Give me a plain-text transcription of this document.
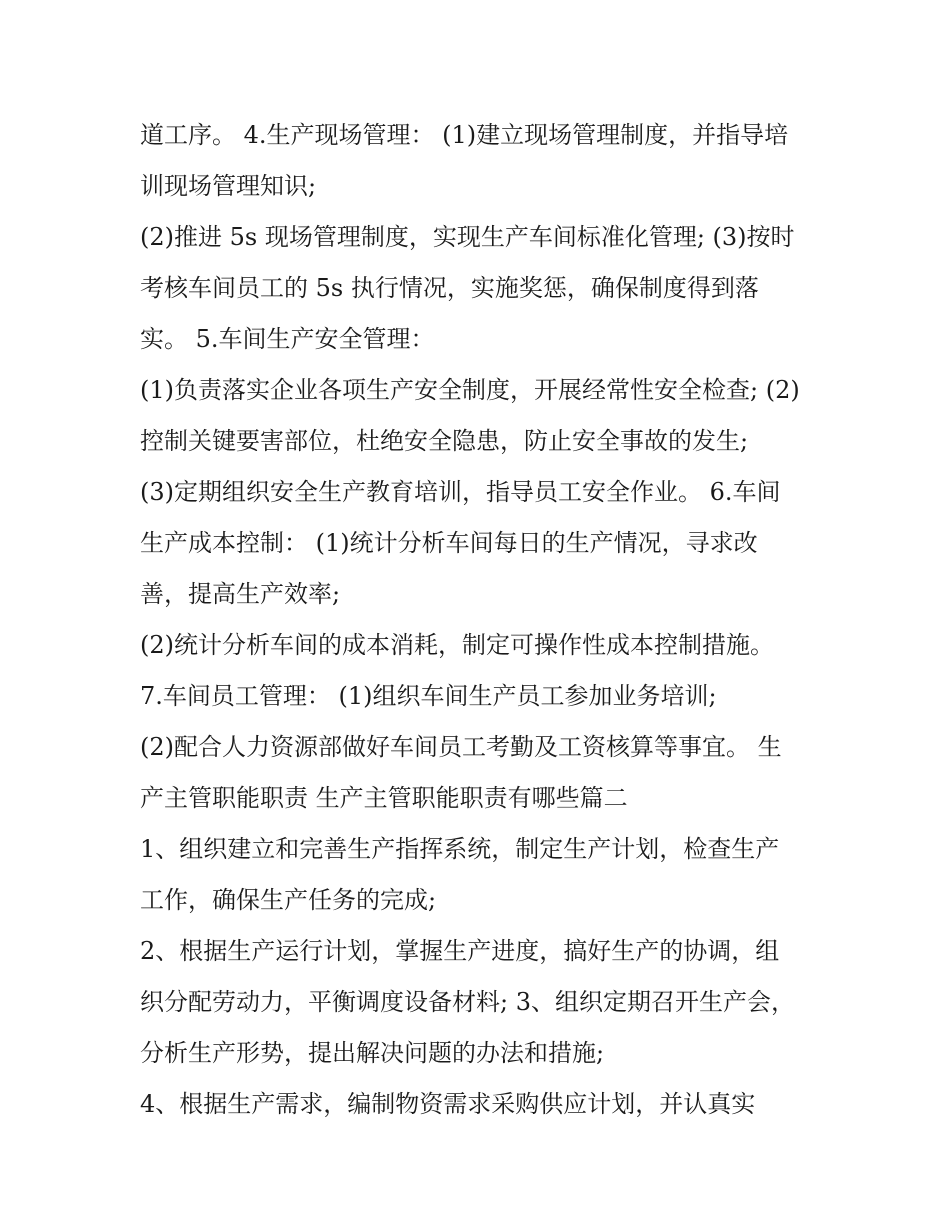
道工序。 4.生产现场管理： (1)建立现场管理制度，并指导培
训现场管理知识;
(2)推进 5s 现场管理制度，实现生产车间标准化管理; (3)按时
考核车间员工的 5s 执行情况，实施奖惩，确保制度得到落
实。 5.车间生产安全管理：
(1)负责落实企业各项生产安全制度，开展经常性安全检查; (2)
控制关键要害部位，杜绝安全隐患，防止安全事故的发生;
(3)定期组织安全生产教育培训，指导员工安全作业。 6.车间
生产成本控制： (1)统计分析车间每日的生产情况，寻求改
善，提高生产效率;
(2)统计分析车间的成本消耗，制定可操作性成本控制措施。
7.车间员工管理： (1)组织车间生产员工参加业务培训;
(2)配合人力资源部做好车间员工考勤及工资核算等事宜。 生
产主管职能职责 生产主管职能职责有哪些篇二
1、组织建立和完善生产指挥系统，制定生产计划，检查生产
工作，确保生产任务的完成;
2、根据生产运行计划，掌握生产进度，搞好生产的协调，组
织分配劳动力，平衡调度设备材料; 3、组织定期召开生产会，
分析生产形势，提出解决问题的办法和措施;
4、根据生产需求，编制物资需求采购供应计划，并认真实
